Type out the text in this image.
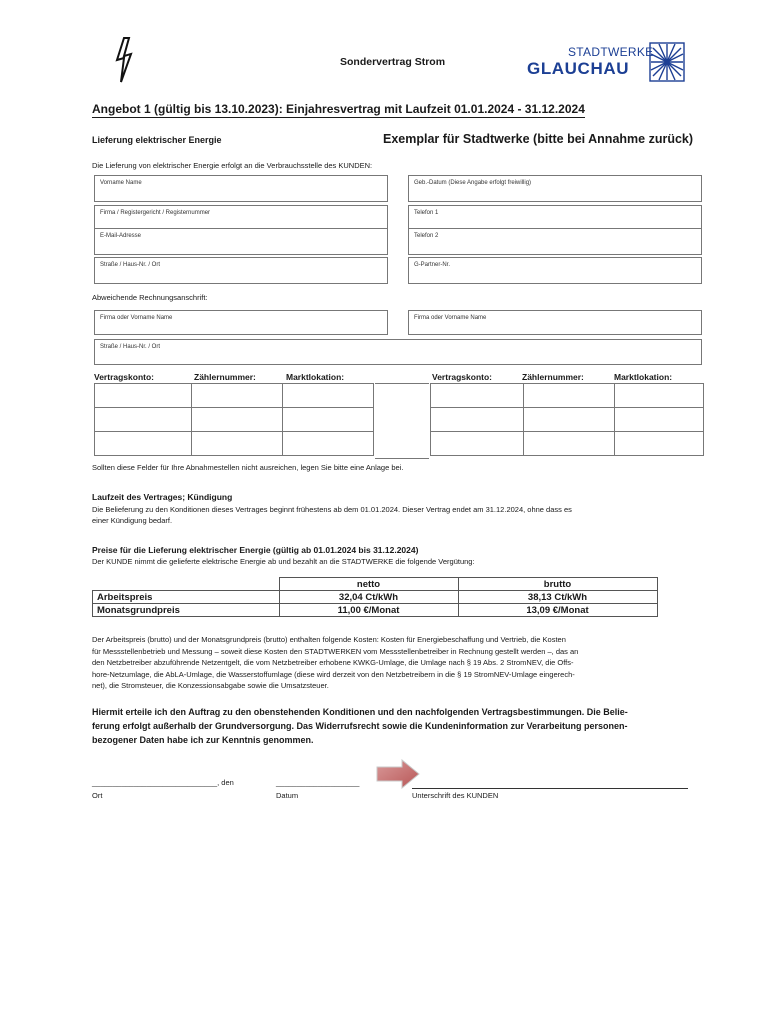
Sondervertrag Strom
STADTWERKE
GLAUCHAU
Angebot 1 (gültig bis 13.10.2023): Einjahresvertrag mit Laufzeit 01.01.2024 - 31.12.2024
Lieferung elektrischer Energie	Exemplar für Stadtwerke (bitte bei Annahme zurück)
Die Lieferung von elektrischer Energie erfolgt an die Verbrauchsstelle des KUNDEN:
Vorname Name	Geb.-Datum (Diese Angabe erfolgt freiwillig)
Firma / Registergericht / Registernummer	Telefon 1
E-Mail-Adresse	Telefon 2
Straße / Haus-Nr. / Ort	G-Partner-Nr.
Abweichende Rechnungsanschrift:
Firma oder Vorname Name	Firma oder Vorname Name
Straße / Haus-Nr. / Ort
Vertragskonto:	Zählernummer:	Marktlokation:	Vertragskonto:	Zählernummer:	Marktlokation:

Sollten diese Felder für Ihre Abnahmestellen nicht ausreichen, legen Sie bitte eine Anlage bei.
Laufzeit des Vertrages; Kündigung
Die Belieferung zu den Konditionen dieses Vertrages beginnt frühestens ab dem 01.01.2024. Dieser Vertrag endet am 31.12.2024, ohne dass es
einer Kündigung bedarf.
Preise für die Lieferung elektrischer Energie (gültig ab 01.01.2024 bis 31.12.2024)
Der KUNDE nimmt die gelieferte elektrische Energie ab und bezahlt an die STADTWERKE die folgende Vergütung:
	netto	brutto
Arbeitspreis	32,04 Ct/kWh	38,13 Ct/kWh
Monatsgrundpreis	11,00 €/Monat	13,09 €/Monat
Der Arbeitspreis (brutto) und der Monatsgrundpreis (brutto) enthalten folgende Kosten: Kosten für Energiebeschaffung und Vertrieb, die Kosten
für Messstellenbetrieb und Messung – soweit diese Kosten den STADTWERKEN vom Messstellenbetreiber in Rechnung gestellt werden –, das an
den Netzbetreiber abzuführende Netzentgelt, die vom Netzbetreiber erhobene KWKG-Umlage, die Umlage nach § 19 Abs. 2 StromNEV, die Offs-
hore-Netzumlage, die AbLA-Umlage, die Wasserstoffumlage (diese wird derzeit von den Netzbetreibern in die § 19 StromNEV-Umlage eingerech-
net), die Stromsteuer, die Konzessionsabgabe sowie die Umsatzsteuer.
Hiermit erteile ich den Auftrag zu den obenstehenden Konditionen und den nachfolgenden Vertragsbestimmungen. Die Belie-
ferung erfolgt außerhalb der Grundversorgung. Das Widerrufsrecht sowie die Kundeninformation zur Verarbeitung personen-
bezogener Daten habe ich zur Kenntnis genommen.
______________________________, den	____________________
Ort	Datum	Unterschrift des KUNDEN
